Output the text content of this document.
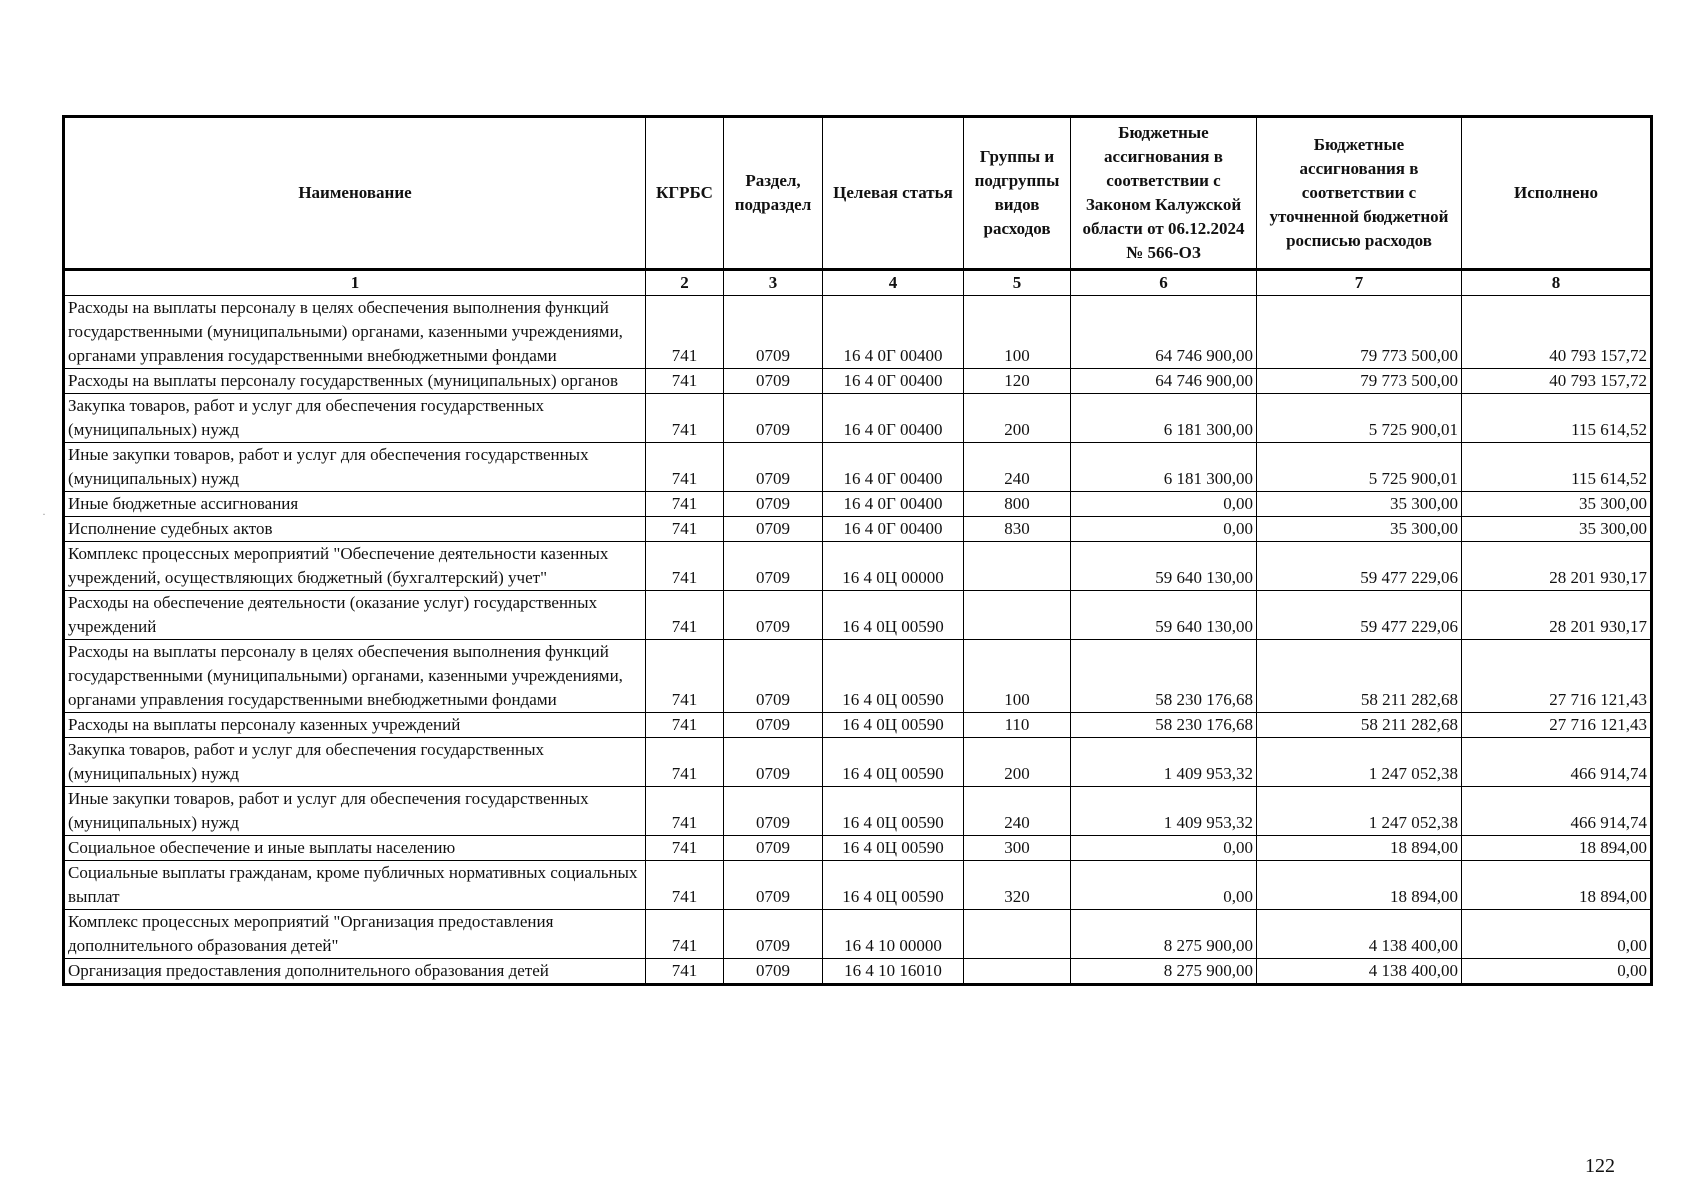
·
Наименование	КГРБС	Раздел, подраздел	Целевая статья	Группы и подгруппы видов расходов	Бюджетные ассигнования в соответствии с Законом Калужской области от 06.12.2024 № 566-ОЗ	Бюджетные ассигнования в соответствии с уточненной бюджетной росписью расходов	Исполнено
1	2	3	4	5	6	7	8
Расходы на выплаты персоналу в целях обеспечения выполнения функций государственными (муниципальными) органами, казенными учреждениями, органами управления государственными внебюджетными фондами	741	0709	16 4 0Г 00400	100	64 746 900,00	79 773 500,00	40 793 157,72
Расходы на выплаты персоналу государственных (муниципальных) органов	741	0709	16 4 0Г 00400	120	64 746 900,00	79 773 500,00	40 793 157,72
Закупка товаров, работ и услуг для обеспечения государственных (муниципальных) нужд	741	0709	16 4 0Г 00400	200	6 181 300,00	5 725 900,01	115 614,52
Иные закупки товаров, работ и услуг для обеспечения государственных (муниципальных) нужд	741	0709	16 4 0Г 00400	240	6 181 300,00	5 725 900,01	115 614,52
Иные бюджетные ассигнования	741	0709	16 4 0Г 00400	800	0,00	35 300,00	35 300,00
Исполнение судебных актов	741	0709	16 4 0Г 00400	830	0,00	35 300,00	35 300,00
Комплекс процессных мероприятий "Обеспечение деятельности казенных учреждений, осуществляющих бюджетный (бухгалтерский) учет"	741	0709	16 4 0Ц 00000		59 640 130,00	59 477 229,06	28 201 930,17
Расходы на обеспечение деятельности (оказание услуг) государственных учреждений	741	0709	16 4 0Ц 00590		59 640 130,00	59 477 229,06	28 201 930,17
Расходы на выплаты персоналу в целях обеспечения выполнения функций государственными (муниципальными) органами, казенными учреждениями, органами управления государственными внебюджетными фондами	741	0709	16 4 0Ц 00590	100	58 230 176,68	58 211 282,68	27 716 121,43
Расходы на выплаты персоналу казенных учреждений	741	0709	16 4 0Ц 00590	110	58 230 176,68	58 211 282,68	27 716 121,43
Закупка товаров, работ и услуг для обеспечения государственных (муниципальных) нужд	741	0709	16 4 0Ц 00590	200	1 409 953,32	1 247 052,38	466 914,74
Иные закупки товаров, работ и услуг для обеспечения государственных (муниципальных) нужд	741	0709	16 4 0Ц 00590	240	1 409 953,32	1 247 052,38	466 914,74
Социальное обеспечение и иные выплаты населению	741	0709	16 4 0Ц 00590	300	0,00	18 894,00	18 894,00
Социальные выплаты гражданам, кроме публичных нормативных социальных выплат	741	0709	16 4 0Ц 00590	320	0,00	18 894,00	18 894,00
Комплекс процессных мероприятий "Организация предоставления дополнительного образования детей"	741	0709	16 4 10 00000		8 275 900,00	4 138 400,00	0,00
Организация предоставления дополнительного образования детей	741	0709	16 4 10 16010		8 275 900,00	4 138 400,00	0,00
122
